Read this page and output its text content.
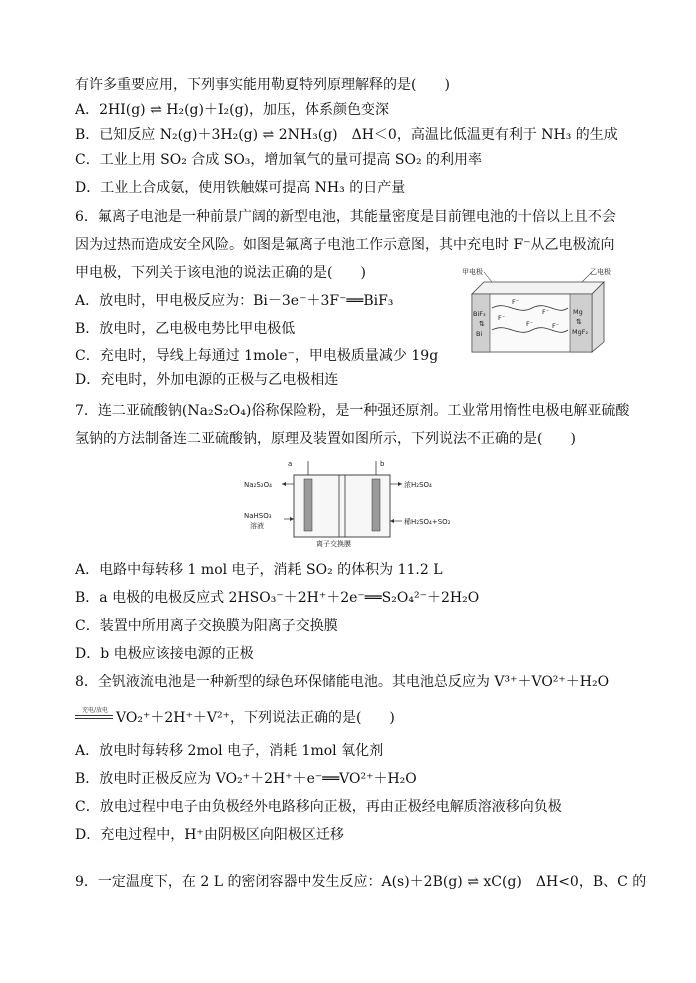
有许多重要应用，下列事实能用勒夏特列原理解释的是(　　)
A．2HI(g) ⇌ H₂(g)＋I₂(g)，加压，体系颜色变深
B．已知反应 N₂(g)＋3H₂(g) ⇌ 2NH₃(g)　ΔH＜0，高温比低温更有利于 NH₃ 的生成
C．工业上用 SO₂ 合成 SO₃，增加氧气的量可提高 SO₂ 的利用率
D．工业上合成氨，使用铁触媒可提高 NH₃ 的日产量
6．氟离子电池是一种前景广阔的新型电池，其能量密度是目前锂电池的十倍以上且不会
因为过热而造成安全风险。如图是氟离子电池工作示意图，其中充电时 F⁻从乙电极流向
甲电极，下列关于该电池的说法正确的是(　　)
A．放电时，甲电极反应为：Bi－3e⁻＋3F⁻══BiF₃
B．放电时，乙电极电势比甲电极低
C．充电时，导线上每通过 1mole⁻，甲电极质量减少 19g
D．充电时，外加电源的正极与乙电极相连
甲电极	乙电极
BiF₃
⇅
Bi
Mg
⇅
MgF₂
F⁻
F⁻
F⁻
F⁻	F⁻
7．连二亚硫酸钠(Na₂S₂O₄)俗称保险粉，是一种强还原剂。工业常用惰性电极电解亚硫酸
氢钠的方法制备连二亚硫酸钠，原理及装置如图所示，下列说法不正确的是(　　)
a	b
Na₂S₂O₄
NaHSO₃
溶液
浓H₂SO₄
稀H₂SO₄+SO₂
离子交换膜
A．电路中每转移 1 mol 电子，消耗 SO₂ 的体积为 11.2 L
B．a 电极的电极反应式 2HSO₃⁻＋2H⁺＋2e⁻══S₂O₄²⁻＋2H₂O
C．装置中所用离子交换膜为阳离子交换膜
D．b 电极应该接电源的正极
8．全钒液流电池是一种新型的绿色环保储能电池。其电池总反应为 V³⁺＋VO²⁺＋H₂O
充电/放电 VO₂⁺＋2H⁺＋V²⁺，下列说法正确的是(　　)
A．放电时每转移 2mol 电子，消耗 1mol 氧化剂
B．放电时正极反应为 VO₂⁺＋2H⁺＋e⁻══VO²⁺＋H₂O
C．放电过程中电子由负极经外电路移向正极，再由正极经电解质溶液移向负极
D．充电过程中，H⁺由阴极区向阳极区迁移
9．一定温度下，在 2 L 的密闭容器中发生反应：A(s)＋2B(g) ⇌ xC(g)　ΔH<0，B、C 的
